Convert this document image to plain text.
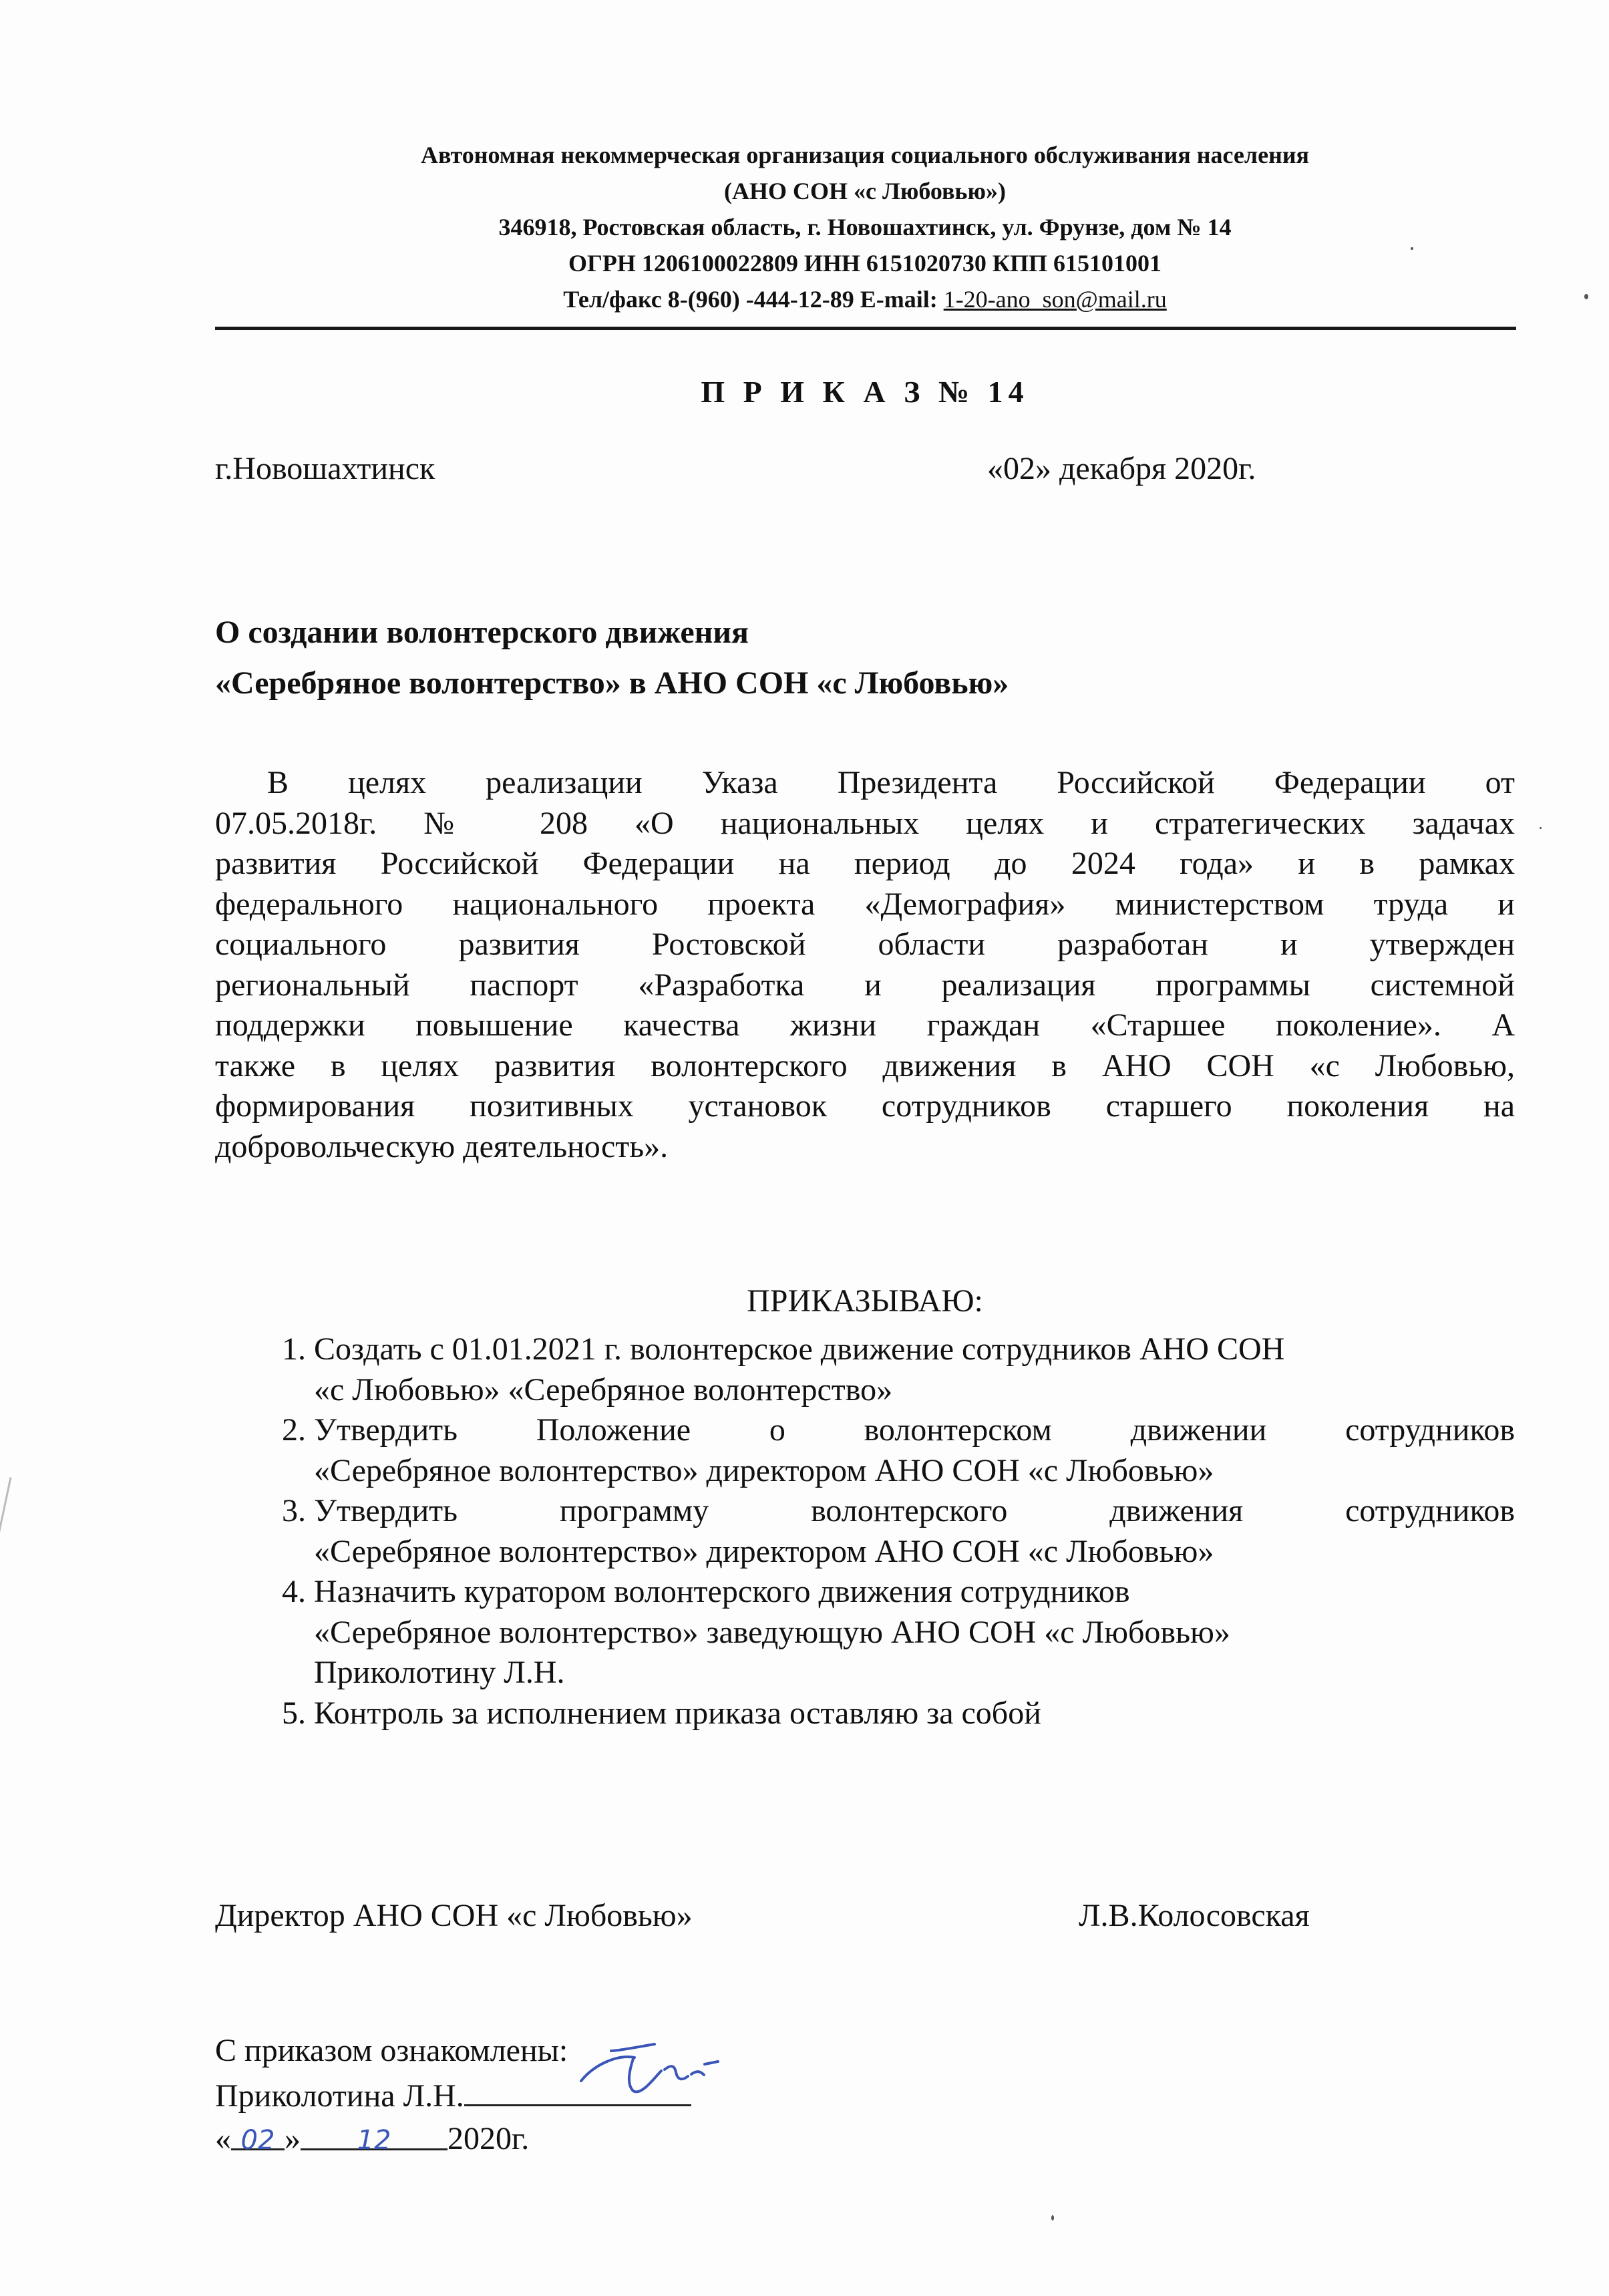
Автономная некоммерческая организация социального обслуживания населения
(АНО СОН «с Любовью»)
346918, Ростовская область, г. Новошахтинск, ул. Фрунзе, дом № 14
ОГРН 1206100022809 ИНН 6151020730 КПП 615101001
Тел/факс 8-(960) -444-12-89 E-mail: 1-20-ano_son@mail.ru
П Р И К А З № 14
г.Новошахтинск	«02» декабря 2020г.
О создании волонтерского движения
«Серебряное волонтерство» в АНО СОН «с Любовью»
В целях реализации Указа Президента Российской Федерации от
07.05.2018г. № 208 «О национальных целях и стратегических задачах
развития Российской Федерации на период до 2024 года» и в рамках
федерального национального проекта «Демография» министерством труда и
социального развития Ростовской области разработан и утвержден
региональный паспорт «Разработка и реализация программы системной
поддержки повышение качества жизни граждан «Старшее поколение». А
также в целях развития волонтерского движения в АНО СОН «с Любовью,
формирования позитивных установок сотрудников старшего поколения на
добровольческую деятельность».
ПРИКАЗЫВАЮ:
1. Создать с 01.01.2021 г. волонтерское движение сотрудников АНО СОН
«с Любовью» «Серебряное волонтерство»
2. Утвердить Положение о волонтерском движении сотрудников
«Серебряное волонтерство» директором АНО СОН «с Любовью»
3. Утвердить программу волонтерского движения сотрудников
«Серебряное волонтерство» директором АНО СОН «с Любовью»
4. Назначить куратором волонтерского движения сотрудников
«Серебряное волонтерство» заведующую АНО СОН «с Любовью»
Приколотину Л.Н.
5. Контроль за исполнением приказа оставляю за собой
Директор АНО СОН «с Любовью»	Л.В.Колосовская
С приказом ознакомлены:
Приколотина Л.Н.
« 02 » 12 2020г.
